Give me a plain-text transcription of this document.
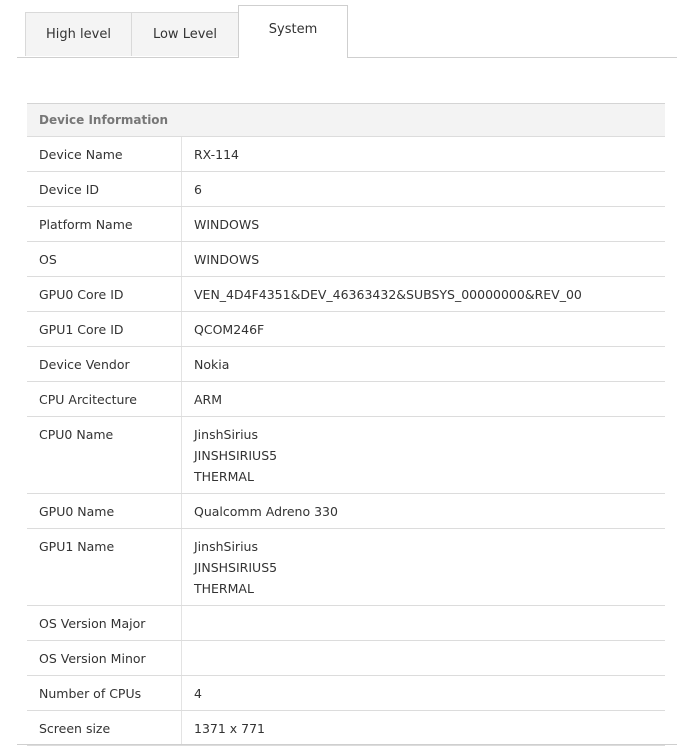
High level	Low Level	System
Device Information
Device Name	RX-114
Device ID	6
Platform Name	WINDOWS
OS	WINDOWS
GPU0 Core ID	VEN_4D4F4351&DEV_46363432&SUBSYS_00000000&REV_00
GPU1 Core ID	QCOM246F
Device Vendor	Nokia
CPU Arcitecture	ARM
CPU0 Name	JinshSirius
JINSHSIRIUS5
THERMAL
GPU0 Name	Qualcomm Adreno 330
GPU1 Name	JinshSirius
JINSHSIRIUS5
THERMAL
OS Version Major
OS Version Minor
Number of CPUs	4
Screen size	1371 x 771
